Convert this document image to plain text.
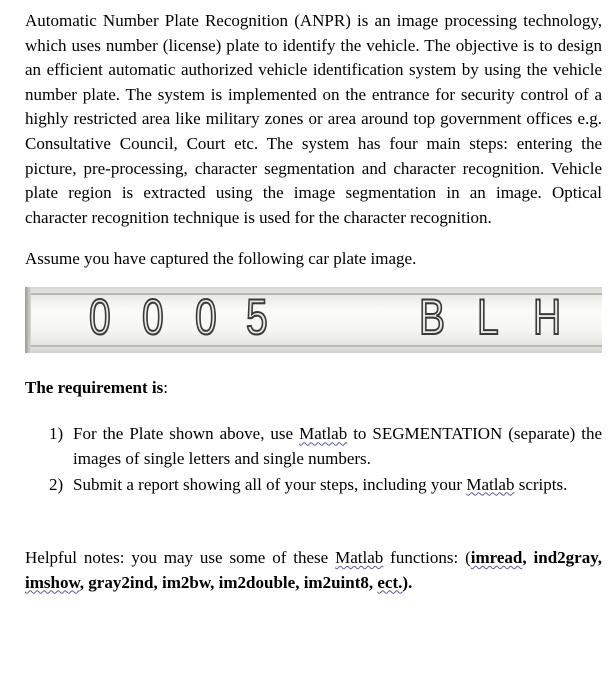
Automatic Number Plate Recognition (ANPR) is an image processing technology, which uses number (license) plate to identify the vehicle. The objective is to design an efficient automatic authorized vehicle identification system by using the vehicle number plate. The system is implemented on the entrance for security control of a highly restricted area like military zones or area around top government offices e.g. Consultative Council, Court etc. The system has four main steps: entering the picture, pre-processing, character segmentation and character recognition. Vehicle plate region is extracted using the image segmentation in an image. Optical character recognition technique is used for the character recognition.

Assume you have captured the following car plate image.

0 0 0 5	B L H

The requirement is:

1) For the Plate shown above, use Matlab to SEGMENTATION (separate) the images of single letters and single numbers.
2) Submit a report showing all of your steps, including your Matlab scripts.

Helpful notes: you may use some of these Matlab functions: (imread, ind2gray, imshow, gray2ind, im2bw, im2double, im2uint8, ect.).
